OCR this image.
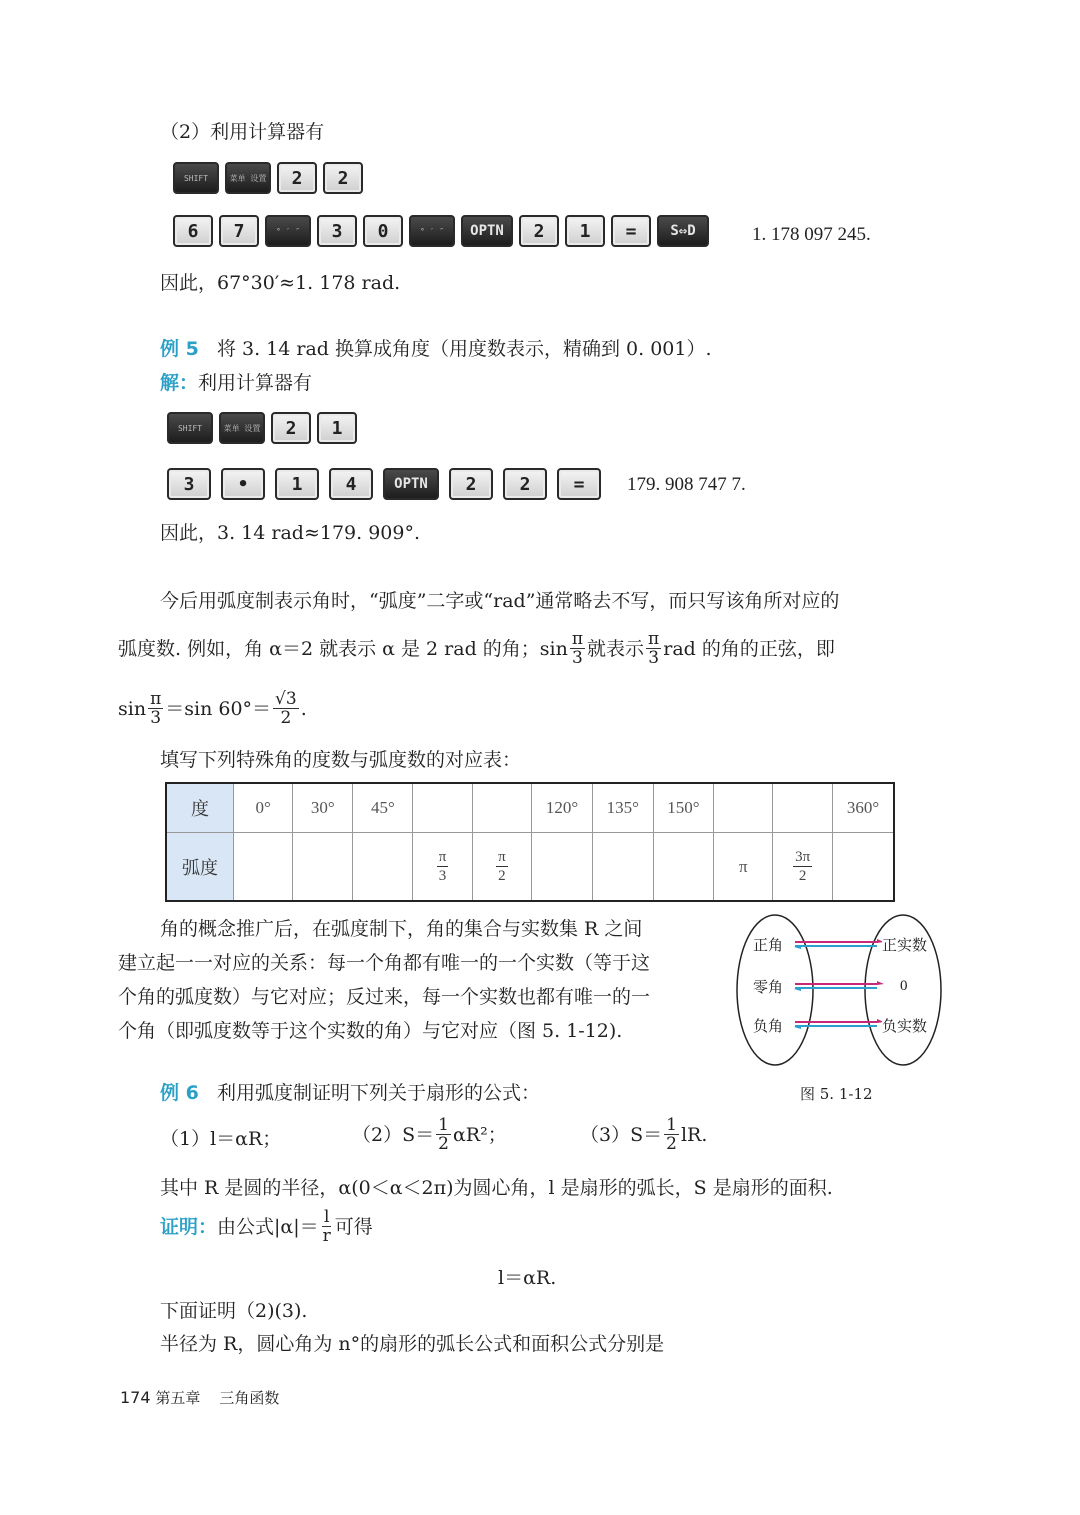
（2）利用计算器有
SHIFT	菜单 设置	2	2
6	7	° ′ ″	3	0	° ′ ″	OPTN	2	1	=	S⇔D	1. 178 097 245.
因此，67°30′≈1. 178 rad.
例 5 将 3. 14 rad 换算成角度（用度数表示，精确到 0. 001）.
解：利用计算器有
SHIFT	菜单 设置	2	1
3	•	1	4	OPTN	2	2	=	179. 908 747 7.
因此，3. 14 rad≈179. 909°.
今后用弧度制表示角时，“弧度”二字或“rad”通常略去不写，而只写该角所对应的
弧度数. 例如，角 α＝2 就表示 α 是 2 rad 的角；$\sin \frac{\pi}{3}$ 就表示 $\frac{\pi}{3}$ rad 的角的正弦，即
$\sin \frac{\pi}{3} =\sin$ $60^\circ= \frac{√3}{2}$ .
填写下列特殊角的度数与弧度数的对应表：
度	0°	30°	45°			120°	135°	150°			360°
弧度				$\frac{\pi}{3}$	$\frac{\pi}{2}$				π	$\frac{3\pi}{2}$

角的概念推广后，在弧度制下，角的集合与实数集 R 之间
建立起一一对应的关系：每一个角都有唯一的一个实数（等于这
个角的弧度数）与它对应；反过来，每一个实数也都有唯一的一
个角（即弧度数等于这个实数的角）与它对应（图 5. 1-12).
正角
零角
负角
正实数
0
负实数
图 5. 1-12
例 6 利用弧度制证明下列关于扇形的公式：
（1）l＝αR；	$(2)S= \frac{1}{2} \alpha R^2$；	$(3)S= \frac{1}{2}$ lR.
其中 R 是圆的半径，α(0＜α＜2π)为圆心角，l 是扇形的弧长，S 是扇形的面积.
证明： 由公式$|\alpha|= \frac{l}{r}$ 可得
l＝αR.
下面证明（2)(3).
半径为 R，圆心角为 n°的扇形的弧长公式和面积公式分别是
174 第五章 三角函数
